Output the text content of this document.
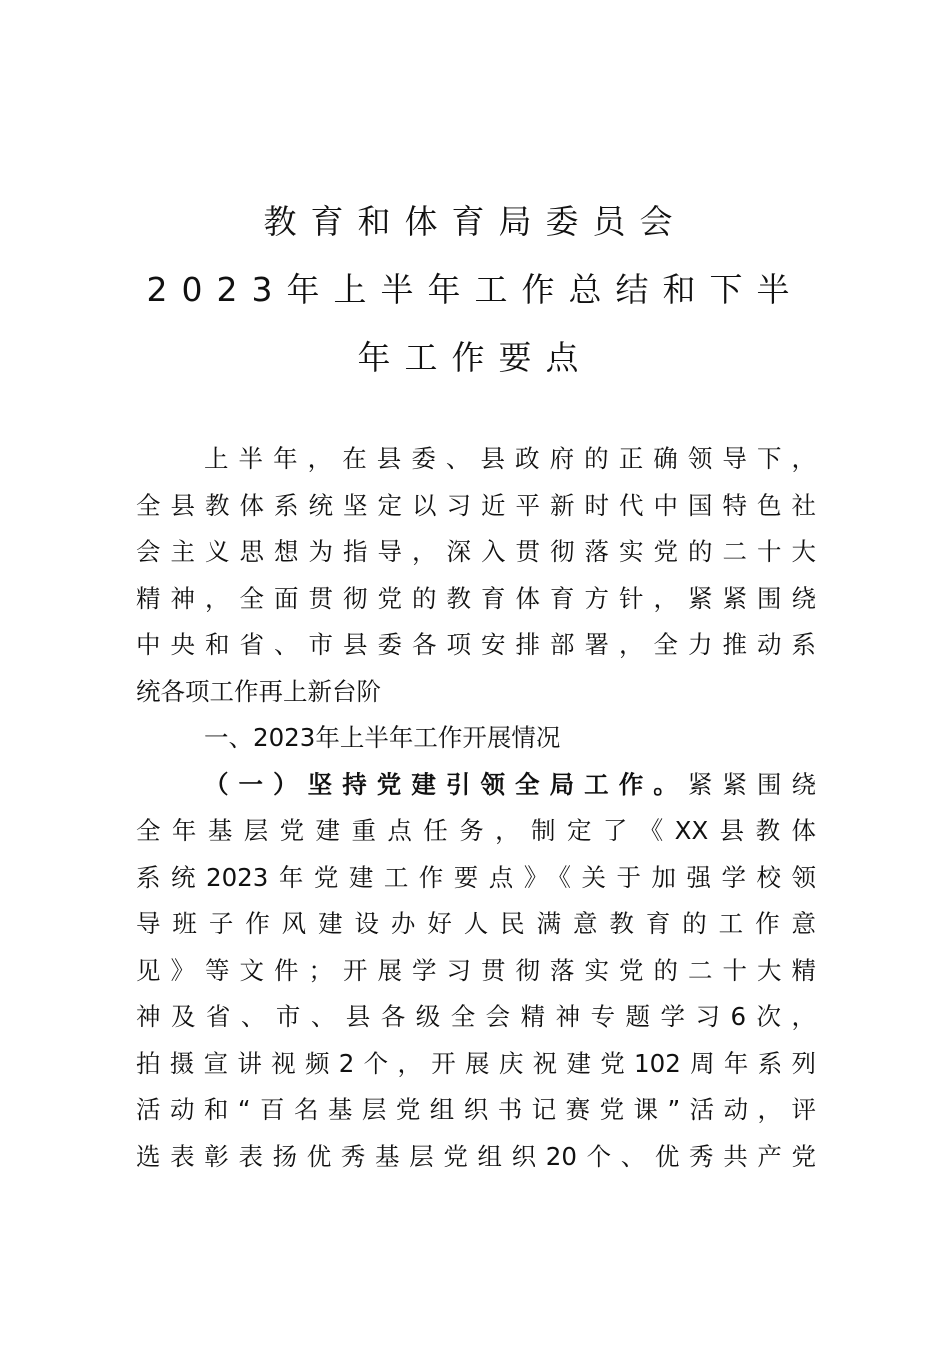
教育和体育局委员会
2023年上半年工作总结和下半
年工作要点
上半年，在县委、县政府的正确领导下，
全县教体系统坚定以习近平新时代中国特色社
会主义思想为指导，深入贯彻落实党的二十大
精神，全面贯彻党的教育体育方针，紧紧围绕
中央和省、市县委各项安排部署，全力推动系
统各项工作再上新台阶
一、2023年上半年工作开展情况
（一）坚持党建引领全局工作。紧紧围绕
全年基层党建重点任务，制定了《XX县教体
系统2023年党建工作要点》《关于加强学校领
导班子作风建设办好人民满意教育的工作意
见》等文件；开展学习贯彻落实党的二十大精
神及省、市、县各级全会精神专题学习6次，
拍摄宣讲视频2个，开展庆祝建党102周年系列
活动和“百名基层党组织书记赛党课”活动，评
选表彰表扬优秀基层党组织20个、优秀共产党
